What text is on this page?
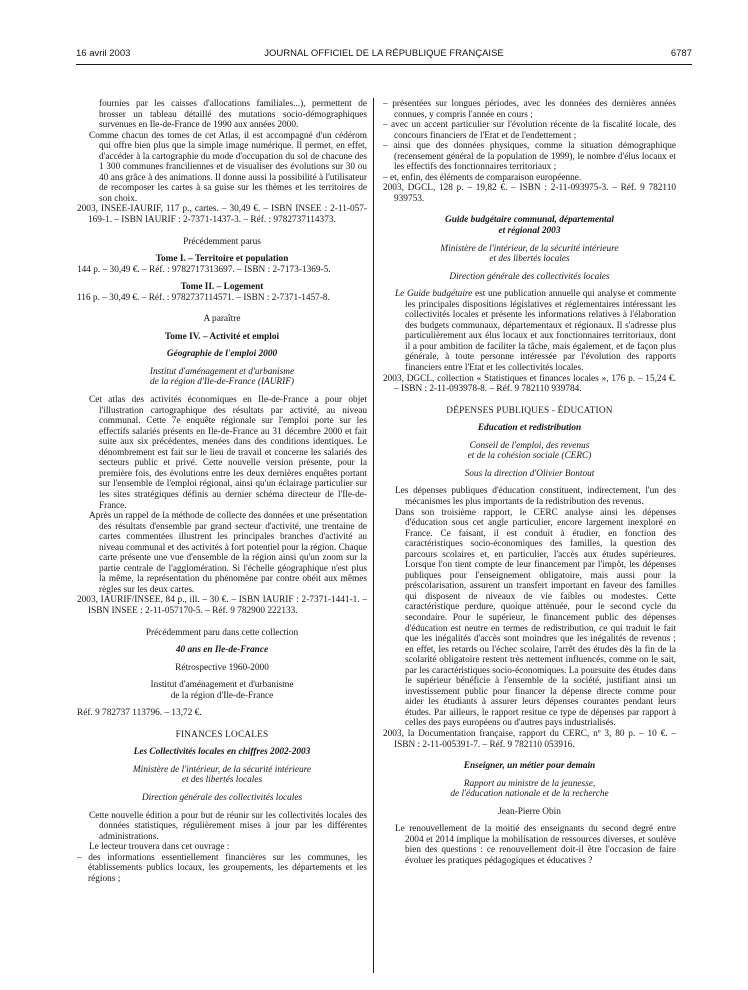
16 avril 2003	JOURNAL OFFICIEL DE LA RÉPUBLIQUE FRANÇAISE	6787

fournies par les caisses d'allocations familiales...), permettent de brosser un tableau détaillé des mutations socio-démographiques survenues en Ile-de-France de 1990 aux années 2000.

Comme chacun des tomes de cet Atlas, il est accompagné d'un cédérom qui offre bien plus que la simple image numérique. Il permet, en effet, d'accéder à la cartographie du mode d'occupation du sol de chacune des 1 300 communes franciliennes et de visualiser des évolutions sur 30 ou 40 ans grâce à des animations. Il donne aussi la possibilité à l'utilisateur de recomposer les cartes à sa guise sur les thèmes et les territoires de son choix.

2003, INSEE-IAURIF, 117 p., cartes. – 30,49 €. – ISBN INSEE : 2-11-057-169-1. – ISBN IAURIF : 2-7371-1437-3. – Réf. : 9782737114373.

Précédemment parus

Tome I. – Territoire et population

144 p. – 30,49 €. – Réf. : 9782717313697. – ISBN : 2-7173-1369-5.

Tome II. – Logement

116 p. – 30,49 €. – Réf. : 9782737114571. – ISBN : 2-7371-1457-8.

A paraître

Tome IV. – Activité et emploi

Géographie de l'emploi 2000

Institut d'aménagement et d'urbanisme

de la région d'Ile-de-France (IAURIF)

Cet atlas des activités économiques en Ile-de-France a pour objet l'illustration cartographique des résultats par activité, au niveau communal. Cette 7e enquête régionale sur l'emploi porte sur les effectifs salariés présents en Ile-de-France au 31 décembre 2000 et fait suite aux six précédentes, menées dans des conditions identiques. Le dénombrement est fait sur le lieu de travail et concerne les salariés des secteurs public et privé. Cette nouvelle version présente, pour la première fois, des évolutions entre les deux dernières enquêtes portant sur l'ensemble de l'emploi régional, ainsi qu'un éclairage particulier sur les sites stratégiques définis au dernier schéma directeur de l'Ile-de-France.

Après un rappel de la méthode de collecte des données et une présentation des résultats d'ensemble par grand secteur d'activité, une trentaine de cartes commentées illustrent les principales branches d'activité au niveau communal et des activités à fort potentiel pour la région. Chaque carte présente une vue d'ensemble de la région ainsi qu'un zoom sur la partie centrale de l'agglomération. Si l'échelle géographique n'est plus la même, la représentation du phénomène par contre obéit aux mêmes règles sur les deux cartes.

2003, IAURIF/INSEE, 84 p., ill. – 30 €. – ISBN IAURIF : 2-7371-1441-1. – ISBN INSEE : 2-11-057170-5. – Réf. 9 782900 222133.

Précédemment paru dans cette collection

40 ans en Ile-de-France

Rétrospective 1960-2000

Institut d'aménagement et d'urbanisme

de la région d'Ile-de-France

Réf. 9 782737 113796. – 13,72 €.

FINANCES LOCALES

Les Collectivités locales en chiffres 2002-2003

Ministère de l'intérieur, de la sécurité intérieure

et des libertés locales

Direction générale des collectivités locales

Cette nouvelle édition a pour but de réunir sur les collectivités locales des données statistiques, régulièrement mises à jour par les différentes administrations.

Le lecteur trouvera dans cet ouvrage :

– des informations essentiellement financières sur les communes, les établissements publics locaux, les groupements, les départements et les régions ;

– présentées sur longues périodes, avec les données des dernières années connues, y compris l'année en cours ;

– avec un accent particulier sur l'évolution récente de la fiscalité locale, des concours financiers de l'Etat et de l'endettement ;

– ainsi que des données physiques, comme la situation démographique (recensement général de la population de 1999), le nombre d'élus locaux et les effectifs des fonctionnaires territoriaux ;

– et, enfin, des éléments de comparaison européenne.

2003, DGCL, 128 p. – 19,82 €. – ISBN : 2-11-093975-3. – Réf. 9 782110 939753.

Guide budgétaire communal, départemental

et régional 2003

Ministère de l'intérieur, de la sécurité intérieure

et des libertés locales

Direction générale des collectivités locales

Le Guide budgétaire est une publication annuelle qui analyse et commente les principales dispositions législatives et réglementaires intéressant les collectivités locales et présente les informations relatives à l'élaboration des budgets communaux, départementaux et régionaux. Il s'adresse plus particulièrement aux élus locaux et aux fonctionnaires territoriaux, dont il a pour ambition de faciliter la tâche, mais également, et de façon plus générale, à toute personne intéressée par l'évolution des rapports financiers entre l'Etat et les collectivités locales.

2003, DGCL, collection « Statistiques et finances locales », 176 p. – 15,24 €. – ISBN : 2-11-093978-8. – Réf. 9 782110 939784.

DÉPENSES PUBLIQUES - ÉDUCATION

Education et redistribution

Conseil de l'emploi, des revenus

et de la cohésion sociale (CERC)

Sous la direction d'Olivier Bontout

Les dépenses publiques d'éducation constituent, indirectement, l'un des mécanismes les plus importants de la redistribution des revenus.

Dans son troisième rapport, le CERC analyse ainsi les dépenses d'éducation sous cet angle particulier, encore largement inexploré en France. Ce faisant, il est conduit à étudier, en fonction des caractéristiques socio-économiques des familles, la question des parcours scolaires et, en particulier, l'accès aux études supérieures. Lorsque l'on tient compte de leur financement par l'impôt, les dépenses publiques pour l'enseignement obligatoire, mais aussi pour la préscolarisation, assurent un transfert important en faveur des familles qui disposent de niveaux de vie faibles ou modestes. Cette caractéristique perdure, quoique atténuée, pour le second cycle du secondaire. Pour le supérieur, le financement public des dépenses d'éducation est neutre en termes de redistribution, ce qui traduit le fait que les inégalités d'accès sont moindres que les inégalités de revenus ; en effet, les retards ou l'échec scolaire, l'arrêt des études dès la fin de la scolarité obligatoire restent très nettement influencés, comme on le sait, par les caractéristiques socio-économiques. La poursuite des études dans le supérieur bénéficie à l'ensemble de la société, justifiant ainsi un investissement public pour financer la dépense directe comme pour aider les étudiants à assurer leurs dépenses courantes pendant leurs études. Par ailleurs, le rapport resitue ce type de dépenses par rapport à celles des pays européens ou d'autres pays industrialisés.

2003, la Documentation française, rapport du CERC, nº 3, 80 p. – 10 €. – ISBN : 2-11-005391-7. – Réf. 9 782110 053916.

Enseigner, un métier pour demain

Rapport au ministre de la jeunesse,

de l'éducation nationale et de la recherche

Jean-Pierre Obin

Le renouvellement de la moitié des enseignants du second degré entre 2004 et 2014 implique la mobilisation de ressources diverses, et soulève bien des questions : ce renouvellement doit-il être l'occasion de faire évoluer les pratiques pédagogiques et éducatives ?
